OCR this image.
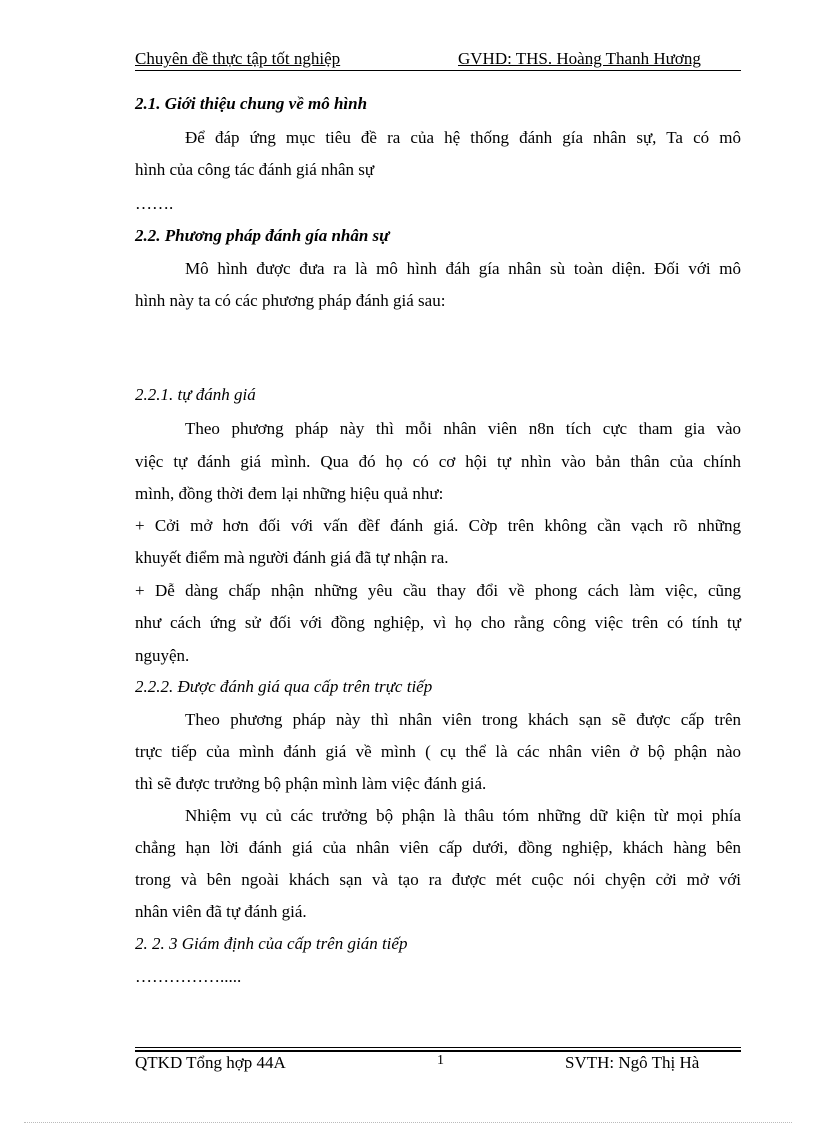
Chuyên đề thực tập tốt nghiệp	GVHD: THS. Hoàng Thanh Hương
2.1. Giới thiệu chung về mô hình
Để đáp ứng mục tiêu đề ra của hệ thống đánh gía nhân sự, Ta có mô
hình của công tác đánh giá nhân sự
…….
2.2. Phương pháp đánh gía nhân sự
Mô hình được đưa ra là mô hình đáh gía nhân sù toàn diện. Đối với mô
hình này ta có các phương pháp đánh giá sau:
2.2.1. tự đánh giá
Theo phương pháp này thì mỗi nhân viên n8n tích cực tham gia vào
việc tự đánh giá mình. Qua đó họ có cơ hội tự nhìn vào bản thân của chính
mình, đồng thời đem lại những hiệu quả như:
+ Cởi mở hơn đối với vấn đềf đánh giá. Cờp trên không cần vạch rõ những
khuyết điểm mà người đánh giá đã tự nhận ra.
+ Dễ dàng chấp nhận những yêu cầu thay đổi về phong cách làm việc, cũng
như cách ứng sử đối với đồng nghiệp, vì họ cho rằng công việc trên có tính tự
nguyện.
2.2.2. Được đánh giá qua cấp trên trực tiếp
Theo phương pháp này thì nhân viên trong khách sạn sẽ được cấp trên
trực tiếp của mình đánh giá về mình ( cụ thể là các nhân viên ở bộ phận nào
thì sẽ được trưởng bộ phận mình làm việc đánh giá.
Nhiệm vụ củ các trưởng bộ phận là thâu tóm những dữ kiện từ mọi phía
chẳng hạn lời đánh giá của nhân viên cấp dưới, đồng nghiệp, khách hàng bên
trong và bên ngoài khách sạn và tạo ra được mét cuộc nói chyện cởi mở với
nhân viên đã tự đánh giá.
2. 2. 3 Giám định của cấp trên gián tiếp
…………….....
QTKD Tổng hợp 44A	1	SVTH: Ngô Thị Hà
